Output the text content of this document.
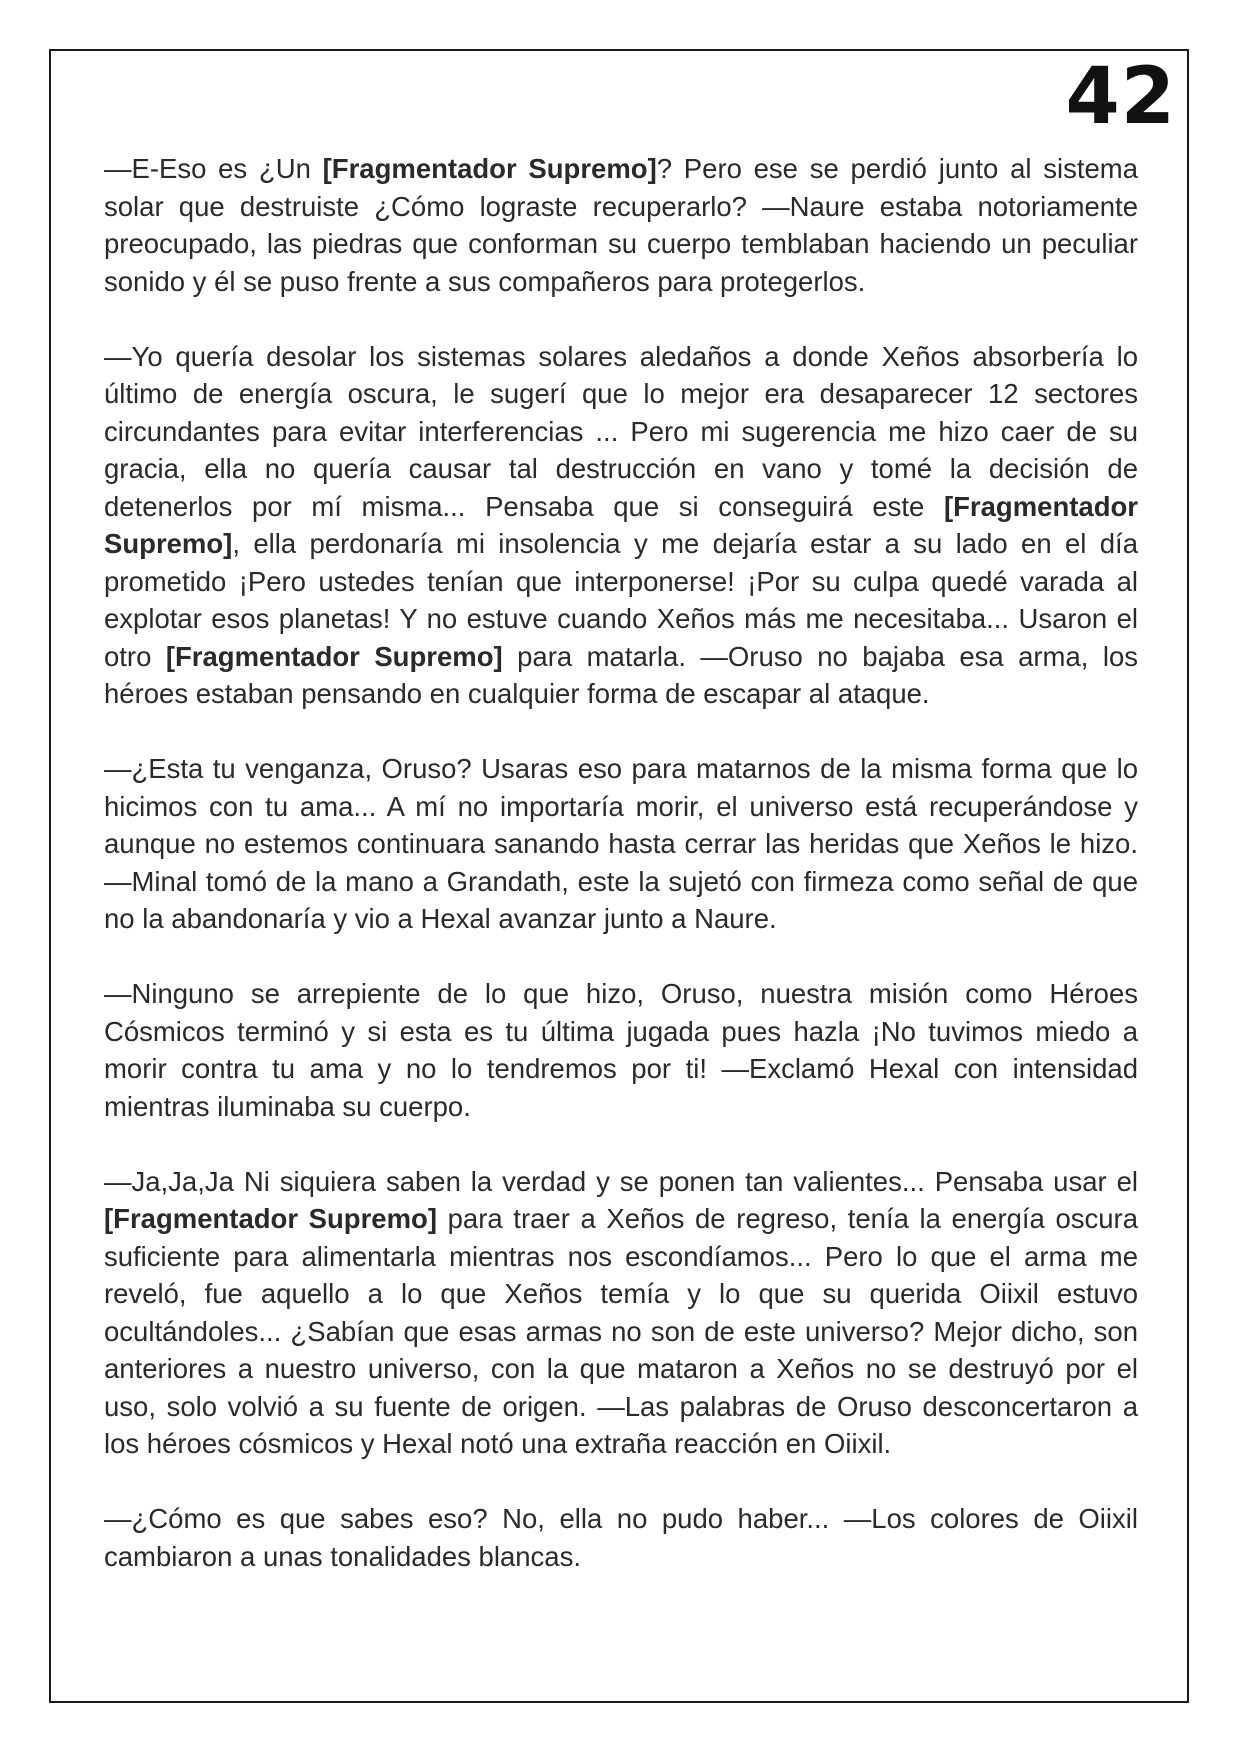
42

—E-Eso es ¿Un [Fragmentador Supremo]? Pero ese se perdió junto al sistema solar que destruiste ¿Cómo lograste recuperarlo? —Naure estaba notoriamente preocupado, las piedras que conforman su cuerpo temblaban haciendo un peculiar sonido y él se puso frente a sus compañeros para protegerlos.

—Yo quería desolar los sistemas solares aledaños a donde Xeños absorbería lo último de energía oscura, le sugerí que lo mejor era desaparecer 12 sectores circundantes para evitar interferencias ... Pero mi sugerencia me hizo caer de su gracia, ella no quería causar tal destrucción en vano y tomé la decisión de detenerlos por mí misma... Pensaba que si conseguirá este [Fragmentador Supremo], ella perdonaría mi insolencia y me dejaría estar a su lado en el día prometido ¡Pero ustedes tenían que interponerse! ¡Por su culpa quedé varada al explotar esos planetas! Y no estuve cuando Xeños más me necesitaba... Usaron el otro [Fragmentador Supremo] para matarla. —Oruso no bajaba esa arma, los héroes estaban pensando en cualquier forma de escapar al ataque.

—¿Esta tu venganza, Oruso? Usaras eso para matarnos de la misma forma que lo hicimos con tu ama... A mí no importaría morir, el universo está recuperándose y aunque no estemos continuara sanando hasta cerrar las heridas que Xeños le hizo. —Minal tomó de la mano a Grandath, este la sujetó con firmeza como señal de que no la abandonaría y vio a Hexal avanzar junto a Naure.

—Ninguno se arrepiente de lo que hizo, Oruso, nuestra misión como Héroes Cósmicos terminó y si esta es tu última jugada pues hazla ¡No tuvimos miedo a morir contra tu ama y no lo tendremos por ti! —Exclamó Hexal con intensidad mientras iluminaba su cuerpo.

—Ja,Ja,Ja Ni siquiera saben la verdad y se ponen tan valientes... Pensaba usar el [Fragmentador Supremo] para traer a Xeños de regreso, tenía la energía oscura suficiente para alimentarla mientras nos escondíamos... Pero lo que el arma me reveló, fue aquello a lo que Xeños temía y lo que su querida Oiixil estuvo ocultándoles... ¿Sabían que esas armas no son de este universo? Mejor dicho, son anteriores a nuestro universo, con la que mataron a Xeños no se destruyó por el uso, solo volvió a su fuente de origen. —Las palabras de Oruso desconcertaron a los héroes cósmicos y Hexal notó una extraña reacción en Oiixil.

—¿Cómo es que sabes eso? No, ella no pudo haber... —Los colores de Oiixil cambiaron a unas tonalidades blancas.
